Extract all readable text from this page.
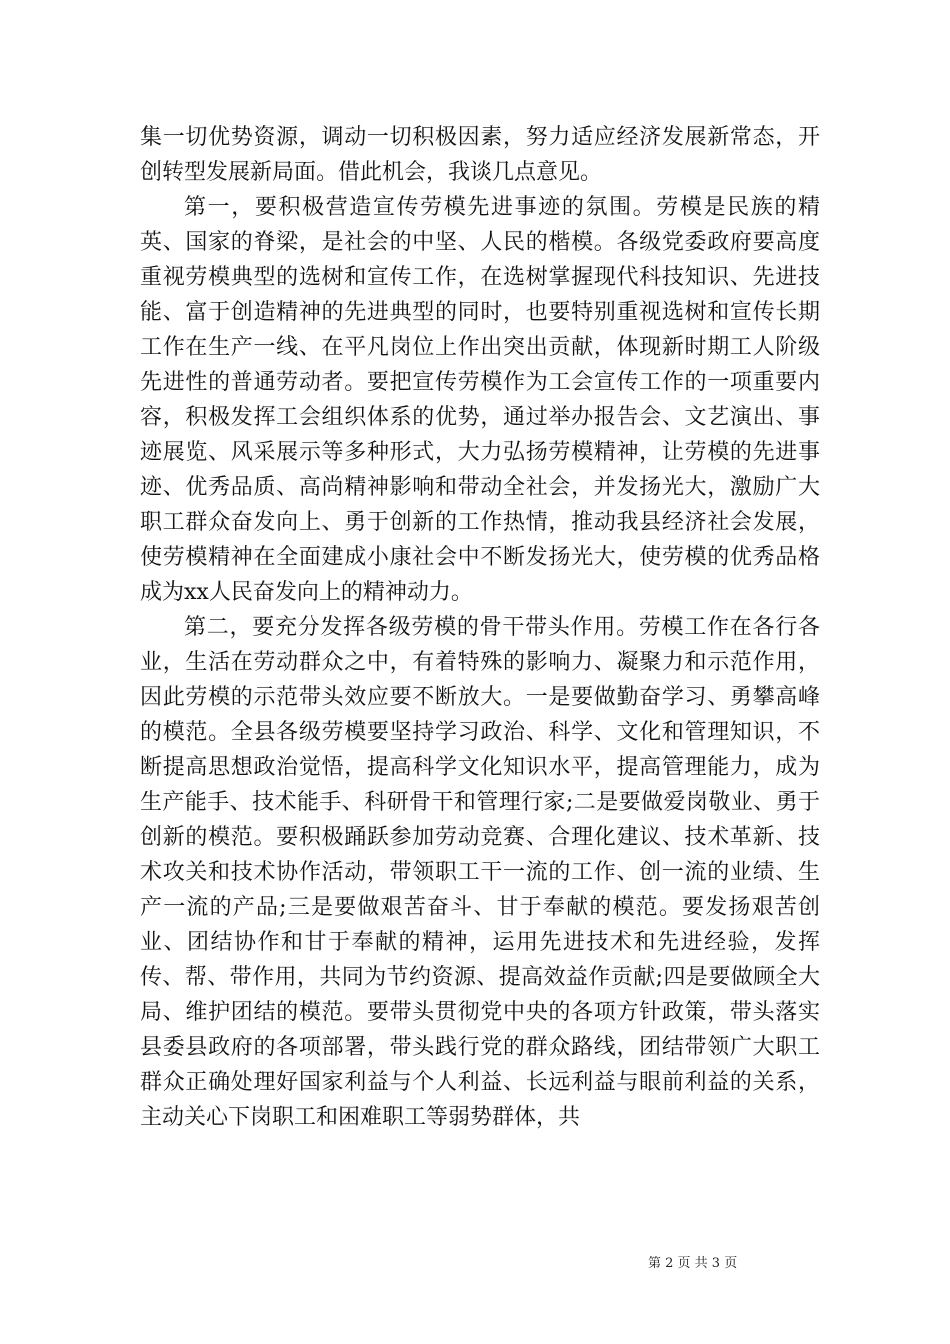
集一切优势资源，调动一切积极因素，努力适应经济发展新常态，开创转型发展新局面。借此机会，我谈几点意见。

第一，要积极营造宣传劳模先进事迹的氛围。劳模是民族的精英、国家的脊梁，是社会的中坚、人民的楷模。各级党委政府要高度重视劳模典型的选树和宣传工作，在选树掌握现代科技知识、先进技能、富于创造精神的先进典型的同时，也要特别重视选树和宣传长期工作在生产一线、在平凡岗位上作出突出贡献，体现新时期工人阶级先进性的普通劳动者。要把宣传劳模作为工会宣传工作的一项重要内容，积极发挥工会组织体系的优势，通过举办报告会、文艺演出、事迹展览、风采展示等多种形式，大力弘扬劳模精神，让劳模的先进事迹、优秀品质、高尚精神影响和带动全社会，并发扬光大，激励广大职工群众奋发向上、勇于创新的工作热情，推动我县经济社会发展，使劳模精神在全面建成小康社会中不断发扬光大，使劳模的优秀品格成为xx人民奋发向上的精神动力。

第二，要充分发挥各级劳模的骨干带头作用。劳模工作在各行各业，生活在劳动群众之中，有着特殊的影响力、凝聚力和示范作用，因此劳模的示范带头效应要不断放大。一是要做勤奋学习、勇攀高峰的模范。全县各级劳模要坚持学习政治、科学、文化和管理知识，不断提高思想政治觉悟，提高科学文化知识水平，提高管理能力，成为生产能手、技术能手、科研骨干和管理行家;二是要做爱岗敬业、勇于创新的模范。要积极踊跃参加劳动竞赛、合理化建议、技术革新、技术攻关和技术协作活动，带领职工干一流的工作、创一流的业绩、生产一流的产品;三是要做艰苦奋斗、甘于奉献的模范。要发扬艰苦创业、团结协作和甘于奉献的精神，运用先进技术和先进经验，发挥传、帮、带作用，共同为节约资源、提高效益作贡献;四是要做顾全大局、维护团结的模范。要带头贯彻党中央的各项方针政策，带头落实县委县政府的各项部署，带头践行党的群众路线，团结带领广大职工群众正确处理好国家利益与个人利益、长远利益与眼前利益的关系，主动关心下岗职工和困难职工等弱势群体，共

第 2 页 共 3 页
